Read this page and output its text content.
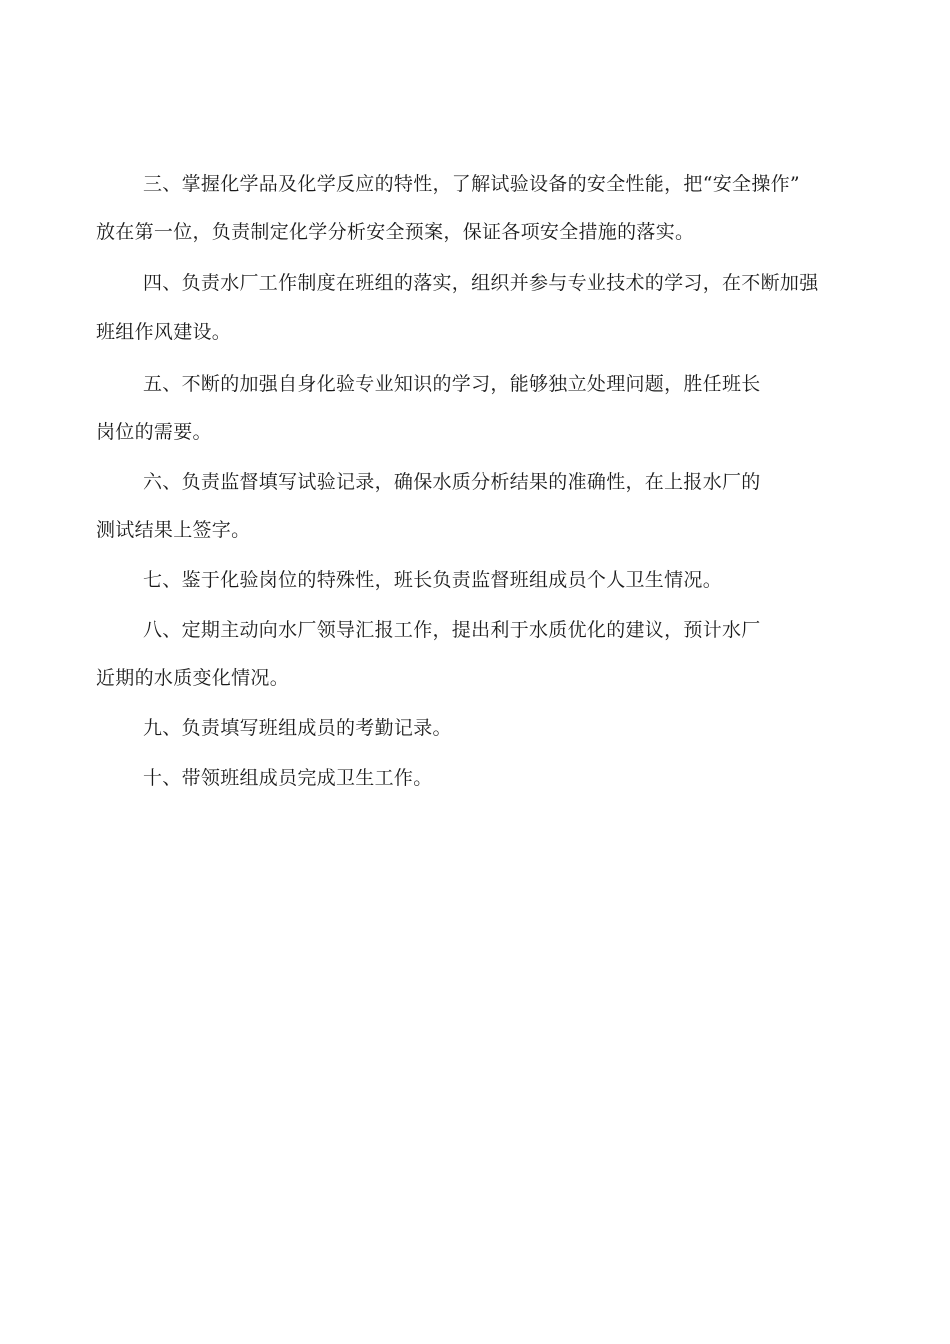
三、掌握化学品及化学反应的特性，了解试验设备的安全性能，把“安全操作”
放在第一位，负责制定化学分析安全预案，保证各项安全措施的落实。
四、负责水厂工作制度在班组的落实，组织并参与专业技术的学习，在不断加强
班组作风建设。
五、不断的加强自身化验专业知识的学习，能够独立处理问题，胜任班长
岗位的需要。
六、负责监督填写试验记录，确保水质分析结果的准确性，在上报水厂的
测试结果上签字。
七、鉴于化验岗位的特殊性，班长负责监督班组成员个人卫生情况。
八、定期主动向水厂领导汇报工作，提出利于水质优化的建议，预计水厂
近期的水质变化情况。
九、负责填写班组成员的考勤记录。
十、带领班组成员完成卫生工作。
